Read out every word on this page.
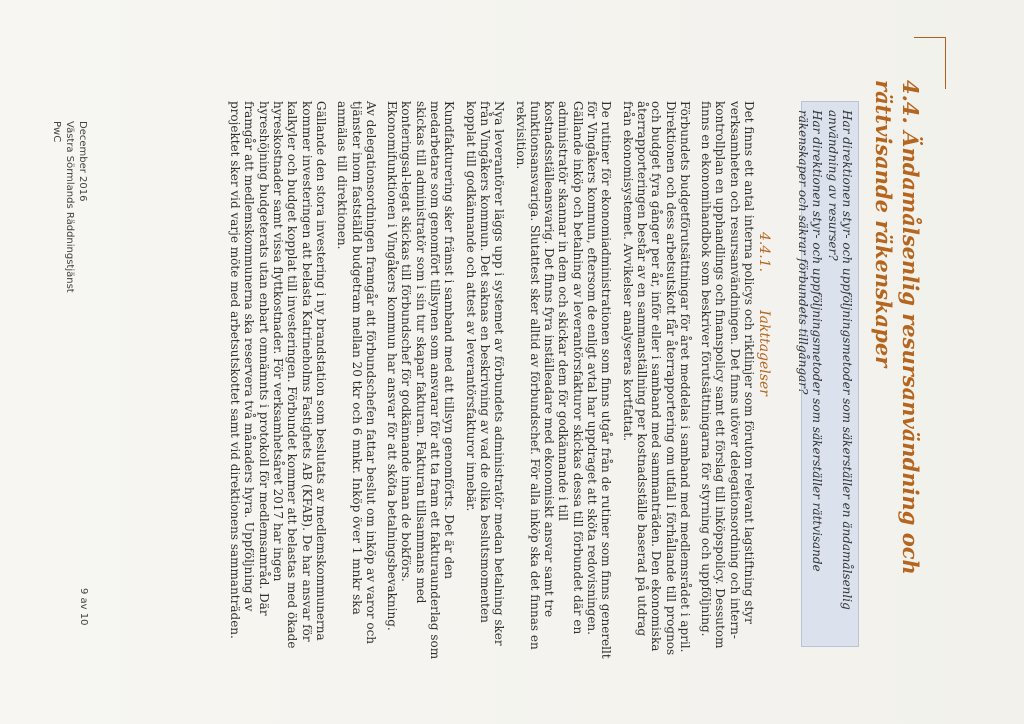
4.4. Ändamålsenlig resursanvändning och rättvisande räkenskaper

Har direktionen styr- och uppföljningsmetoder som säkerställer en ändamålsenlig användning av resurser?

Har direktionen styr- och uppföljningsmetoder som säkerställer rättvisande räkenskaper och säkrar förbundets tillgångar?

4.4.1.Iakttagelser

Det finns ett antal interna policys och riktlinjer som förutom relevant lagstiftning styr verksamheten och resursanvändningen. Det finns utöver delegationsordning och intern-kontrollplan en upphandlings och finanspolicy samt ett förslag till inköpspolicy. Dessutom finns en ekonomihandbok som beskriver förutsättningarna för styrning och uppföljning.

Förbundets budgetförutsättningar för året meddelas i samband med medlemsrådet i april. Direktionen och dess arbetsutskott får återrapportering om utfall i förhållande till prognos och budget fyra gånger per år, inför eller i samband med sammanträden. Den ekonomiska återrapporteringen består av en sammanställning per kostnadsställe baserad på utdrag från ekonomisystemet. Avvikelser analyseras kortfattat.

De rutiner för ekonomiadministrationen som finns utgår från de rutiner som finns generellt för Vingåkers kommun, eftersom de enligt avtal har uppdraget att sköta redovisningen. Gällande inköp och betalning av leverantörsfakturor skickas dessa till förbundet där en administratör skannar in dem och skickar dem för godkännande i till kostnadsställeansvarig. Det finns fyra inställeadare med ekonomiskt ansvar samt tre funktionsansvariga. Slutattest sker alltid av förbundschef. För alla inköp ska det finnas en rekvisition.

Nya leverantörer läggs upp i systemet av förbundets administratör medan betalning sker från Vingåkers kommun. Det saknas en beskrivning av vad de olika beslutsmomenten kopplat till godkännande och attest av leverantörsfakturor innebär.

Kundfakturering sker främst i samband med att tillsyn genomförts. Det är den medarbetare som genomfört tillsynen som ansvarar för att ta fram ett fakturaunderlag som skickas till administratör som i sin tur skapar fakturan. Fakturan tillsammans med konteringsal-legat skickas till förbundschef för godkännande innan de bokförs. Ekonomifunktionen i Vingåkers kommun har ansvar för att sköta betalningsbevakning.

Av delegationsordningen framgår att förbundschefen fattar beslut om inköp av varor och tjänster inom fastställd budgetram mellan 20 tkr och 6 mnkr. Inköp över 1 mnkr ska anmälas till direktionen.

Gällande den stora investering i ny brandstation som beslutats av medlemskommunerna kommer investeringen att belasta Katrineholms Fastighets AB (KFAB). De har ansvar för kalkyler och budget kopplat till investeringen. Förbundet kommer att belastas med ökade hyreskostnader samt vissa flyttkostnader. För verksamhetsåret 2017 har ingen hyreshöjning budgeterats utan enbart omnämnts i protokoll för medlemsamråd. Där framgår att medlemskommunerna ska reservera två månaders hyra. Uppföljning av projektet sker vid varje möte med arbetsutskottet samt vid direktionens sammanträden.

December 2016
Västra Sörmlands Räddningstjänst
PwC
9 av 10
